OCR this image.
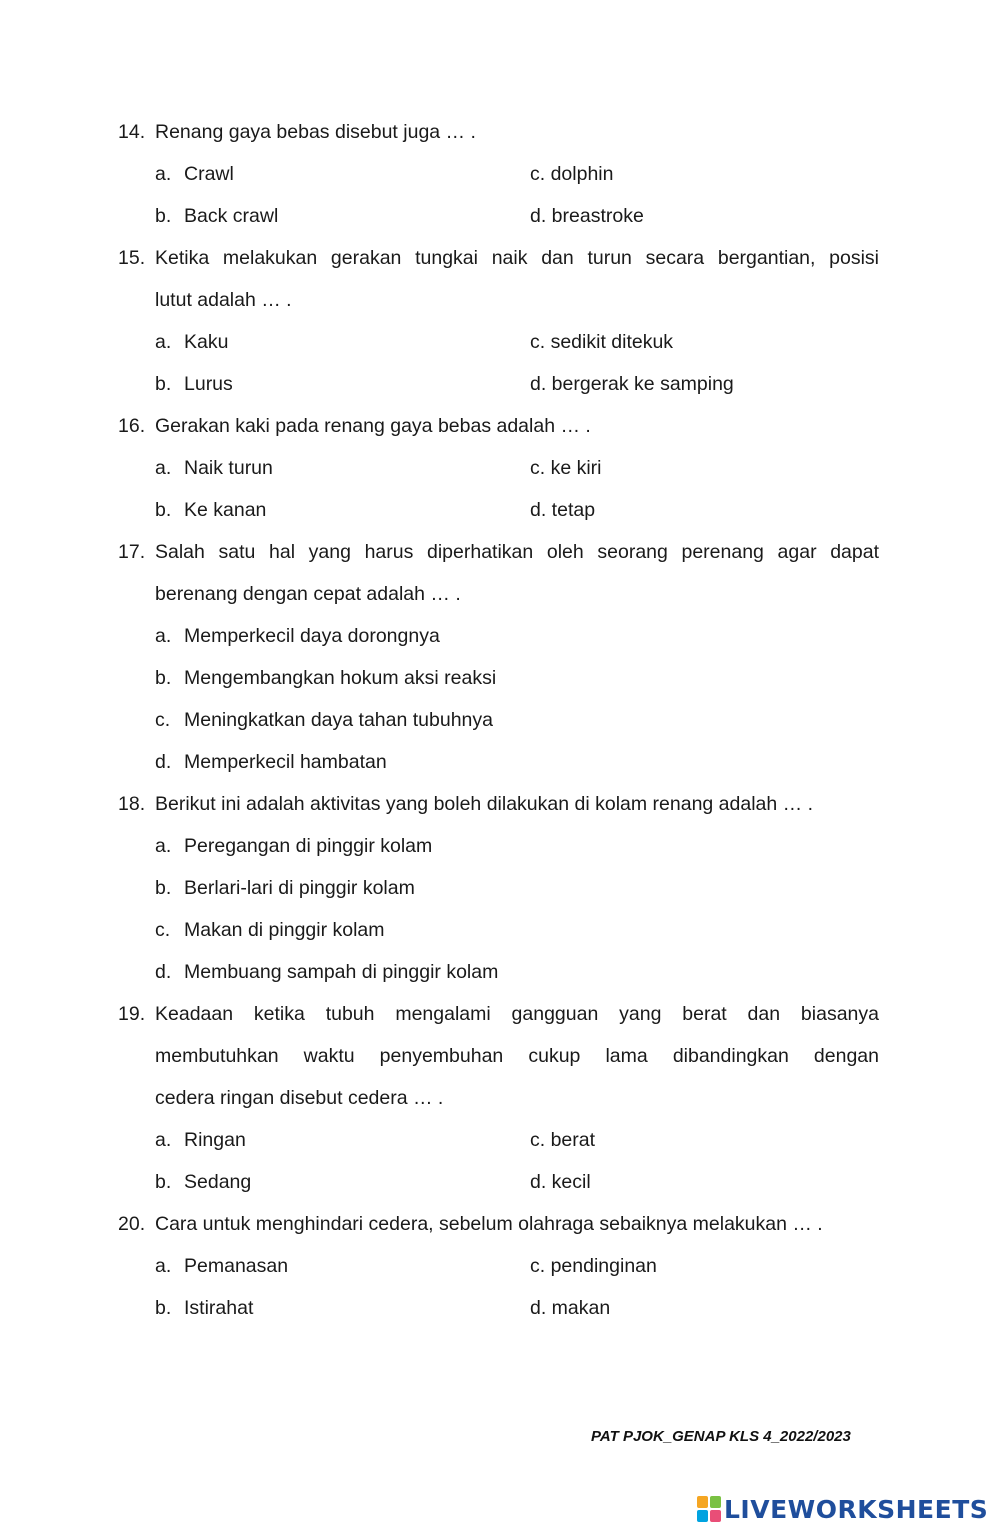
14. Renang gaya bebas disebut juga … .
a. Crawl	c. dolphin
b. Back crawl	d. breastroke
15. Ketika melakukan gerakan tungkai naik dan turun secara bergantian, posisi
lutut adalah … .
a. Kaku	c. sedikit ditekuk
b. Lurus	d. bergerak ke samping
16. Gerakan kaki pada renang gaya bebas adalah … .
a. Naik turun	c. ke kiri
b. Ke kanan	d. tetap
17. Salah satu hal yang harus diperhatikan oleh seorang perenang agar dapat
berenang dengan cepat adalah … .
a. Memperkecil daya dorongnya
b. Mengembangkan hokum aksi reaksi
c. Meningkatkan daya tahan tubuhnya
d. Memperkecil hambatan
18. Berikut ini adalah aktivitas yang boleh dilakukan di kolam renang adalah … .
a. Peregangan di pinggir kolam
b. Berlari-lari di pinggir kolam
c. Makan di pinggir kolam
d. Membuang sampah di pinggir kolam
19. Keadaan ketika tubuh mengalami gangguan yang berat dan biasanya
membutuhkan waktu penyembuhan cukup lama dibandingkan dengan
cedera ringan disebut cedera … .
a. Ringan	c. berat
b. Sedang	d. kecil
20. Cara untuk menghindari cedera, sebelum olahraga sebaiknya melakukan … .
a. Pemanasan	c. pendinginan
b. Istirahat	d. makan
PAT PJOK_GENAP KLS 4_2022/2023
LIVEWORKSHEETS
